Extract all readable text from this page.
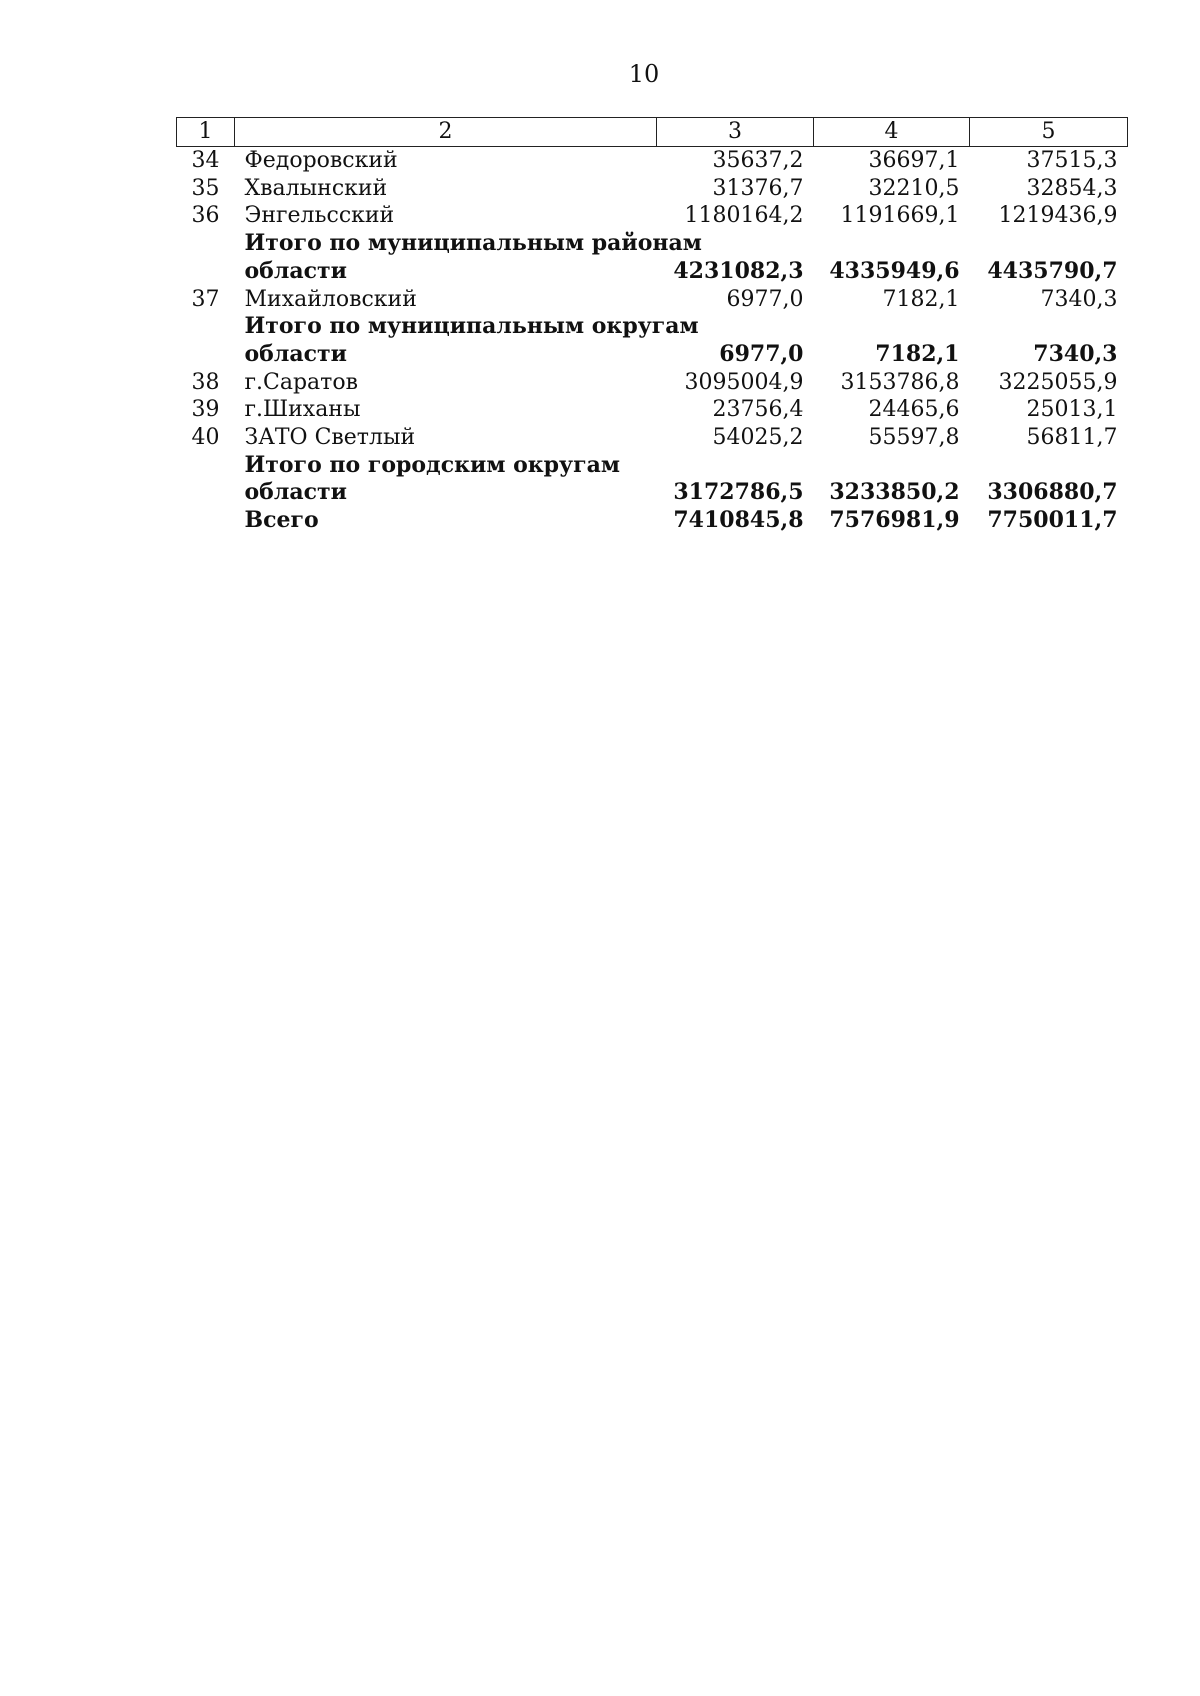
10
1	2	3	4	5
34	Федоровский	35637,2	36697,1	37515,3
35	Хвалынский	31376,7	32210,5	32854,3
36	Энгельсский	1180164,2	1191669,1	1219436,9
	Итого по муниципальным районам			
	области	4231082,3	4335949,6	4435790,7
37	Михайловский	6977,0	7182,1	7340,3
	Итого по муниципальным округам			
	области	6977,0	7182,1	7340,3
38	г.Саратов	3095004,9	3153786,8	3225055,9
39	г.Шиханы	23756,4	24465,6	25013,1
40	ЗАТО Светлый	54025,2	55597,8	56811,7
	Итого по городским округам			
	области	3172786,5	3233850,2	3306880,7
	Всего	7410845,8	7576981,9	7750011,7
